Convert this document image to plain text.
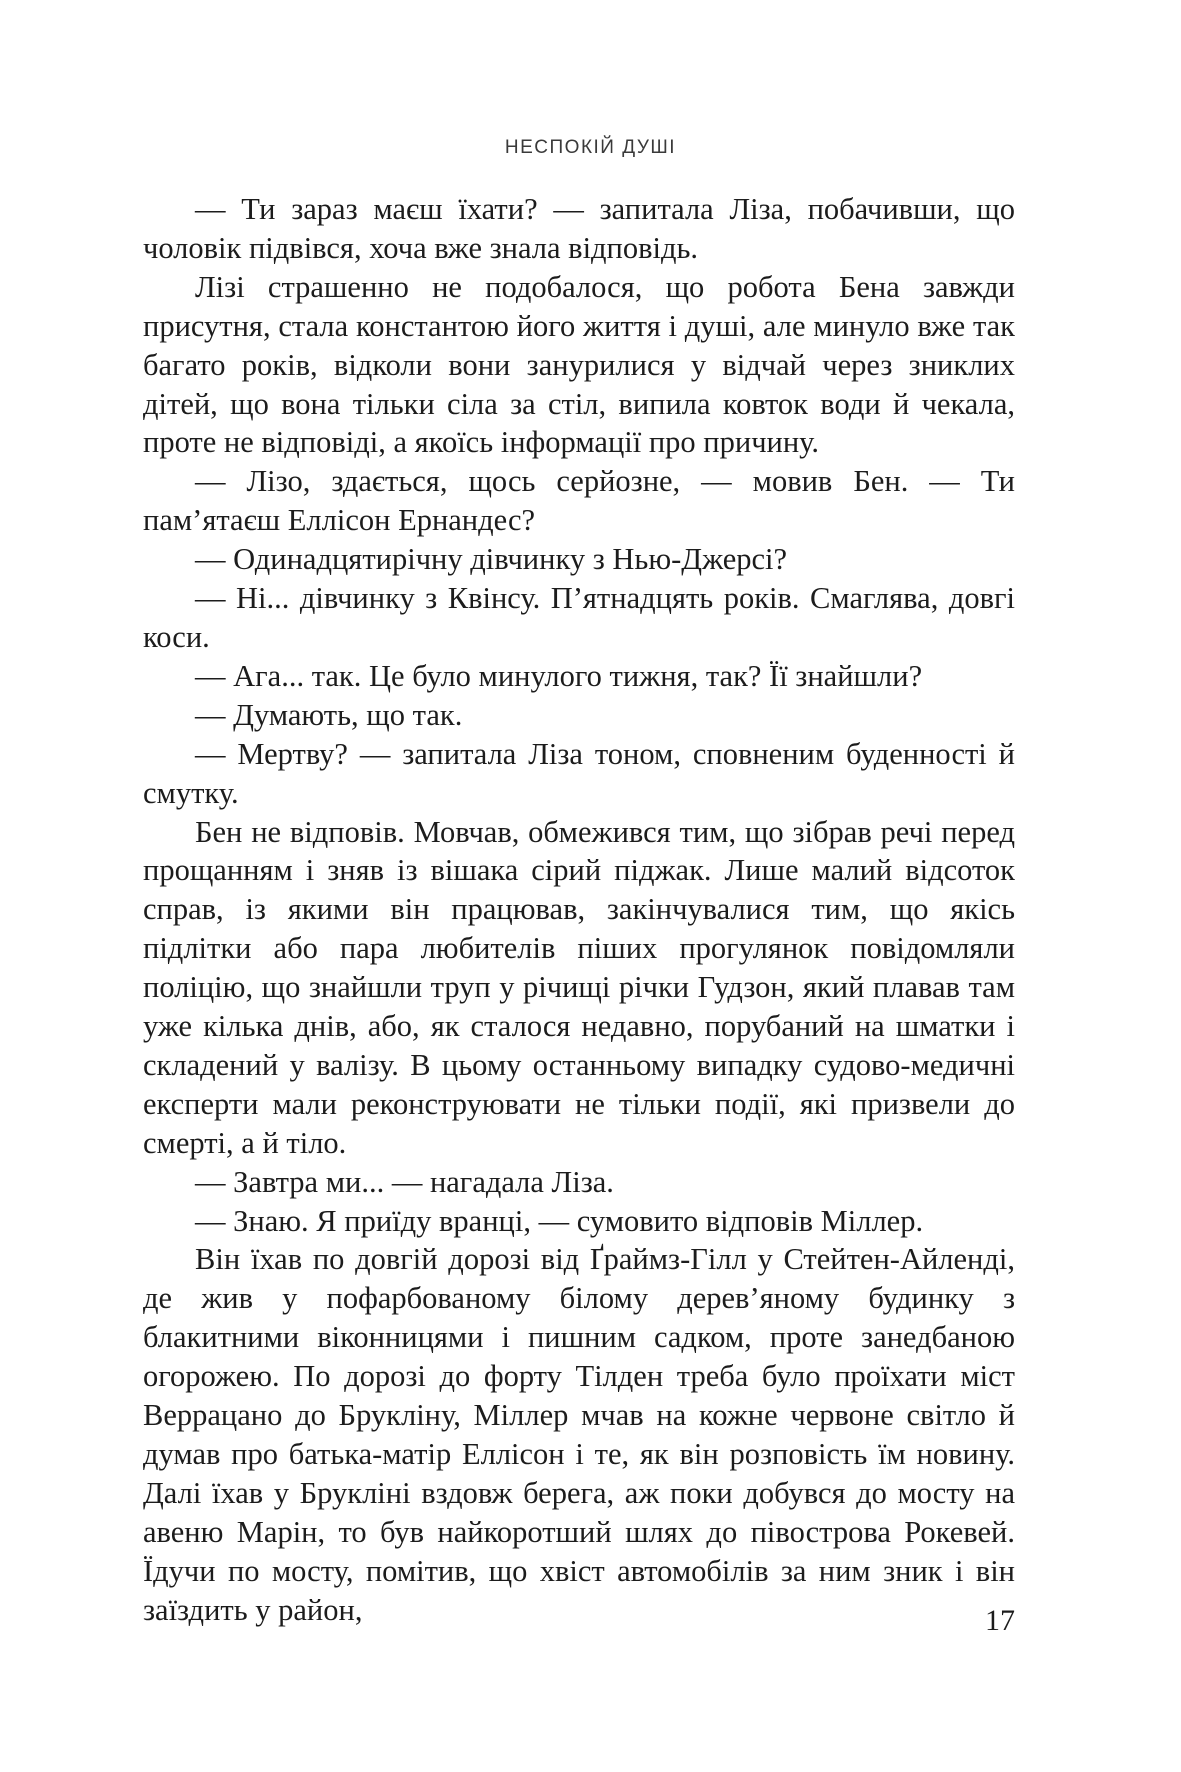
НЕСПОКІЙ ДУШІ

— Ти зараз маєш їхати? — запитала Ліза, побачивши, що чоловік підвівся, хоча вже знала відповідь.

Лізі страшенно не подобалося, що робота Бена завжди присутня, стала константою його життя і душі, але минуло вже так багато років, відколи вони занурилися у відчай через зниклих дітей, що вона тільки сіла за стіл, випила ковток води й чекала, проте не відповіді, а якоїсь інформації про причину.

— Лізо, здається, щось серйозне, — мовив Бен. — Ти пам’ятаєш Еллісон Ернандес?

— Одинадцятирічну дівчинку з Нью-Джерсі?

— Ні... дівчинку з Квінсу. П’ятнадцять років. Смаглява, довгі коси.

— Ага... так. Це було минулого тижня, так? Її знайшли?

— Думають, що так.

— Мертву? — запитала Ліза тоном, сповненим буденності й смутку.

Бен не відповів. Мовчав, обмежився тим, що зібрав речі перед прощанням і зняв із вішака сірий піджак. Лише малий відсоток справ, із якими він працював, закінчувалися тим, що якісь підлітки або пара любителів піших прогулянок повідомляли поліцію, що знайшли труп у річищі річки Гудзон, який плавав там уже кілька днів, або, як сталося недавно, порубаний на шматки і складений у валізу. В цьому останньому випадку судово-медичні експерти мали реконструювати не тільки події, які призвели до смерті, а й тіло.

— Завтра ми... — нагадала Ліза.

— Знаю. Я приїду вранці, — сумовито відповів Міллер.

Він їхав по довгій дорозі від Ґраймз-Гілл у Стейтен-Айленді, де жив у пофарбованому білому дерев’яному будинку з блакитними віконницями і пишним садком, проте занедбаною огорожею. По дорозі до форту Тілден треба було проїхати міст Веррацано до Брукліну, Міллер мчав на кожне червоне світло й думав про батька-матір Еллісон і те, як він розповість їм новину. Далі їхав у Брукліні вздовж берега, аж поки добувся до мосту на авеню Марін, то був найкоротший шлях до півострова Рокевей. Їдучи по мосту, помітив, що хвіст автомобілів за ним зник і він заїздить у район,	17
